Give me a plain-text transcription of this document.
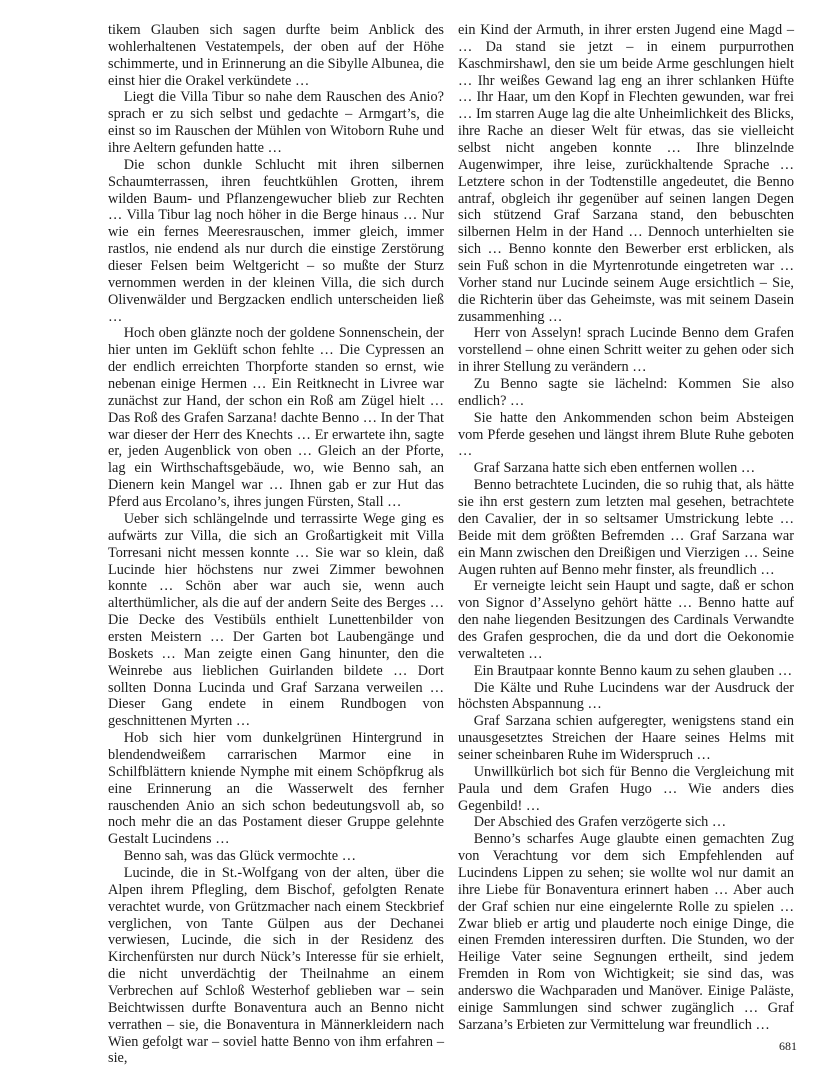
tikem Glauben sich sagen durfte beim Anblick des wohlerhaltenen Vestatempels, der oben auf der Höhe schimmerte, und in Erinnerung an die Sibylle Albunea, die einst hier die Orakel verkündete …

Liegt die Villa Tibur so nahe dem Rauschen des Anio? sprach er zu sich selbst und gedachte – Armgart’s, die einst so im Rauschen der Mühlen von Witoborn Ruhe und ihre Aeltern gefunden hatte …

Die schon dunkle Schlucht mit ihren silbernen Schaumterrassen, ihren feuchtkühlen Grotten, ihrem wilden Baum- und Pflanzengewucher blieb zur Rechten … Villa Tibur lag noch höher in die Berge hinaus … Nur wie ein fernes Meeresrauschen, immer gleich, immer rastlos, nie endend als nur durch die einstige Zerstörung dieser Felsen beim Weltgericht – so mußte der Sturz vernommen werden in der kleinen Villa, die sich durch Olivenwälder und Bergzacken endlich unterscheiden ließ …

Hoch oben glänzte noch der goldene Sonnenschein, der hier unten im Geklüft schon fehlte … Die Cypressen an der endlich erreichten Thorpforte standen so ernst, wie nebenan einige Hermen … Ein Reitknecht in Livree war zunächst zur Hand, der schon ein Roß am Zügel hielt … Das Roß des Grafen Sarzana! dachte Benno … In der That war dieser der Herr des Knechts … Er erwartete ihn, sagte er, jeden Augenblick von oben … Gleich an der Pforte, lag ein Wirthschaftsgebäude, wo, wie Benno sah, an Dienern kein Mangel war … Ihnen gab er zur Hut das Pferd aus Ercolano’s, ihres jungen Fürsten, Stall …

Ueber sich schlängelnde und terrassirte Wege ging es aufwärts zur Villa, die sich an Großartigkeit mit Villa Torresani nicht messen konnte … Sie war so klein, daß Lucinde hier höchstens nur zwei Zimmer bewohnen konnte … Schön aber war auch sie, wenn auch alterthümlicher, als die auf der andern Seite des Berges … Die Decke des Vestibüls enthielt Lunettenbilder von ersten Meistern … Der Garten bot Laubengänge und Boskets … Man zeigte einen Gang hinunter, den die Weinrebe aus lieblichen Guirlanden bildete … Dort sollten Donna Lucinda und Graf Sarzana verweilen … Dieser Gang endete in einem Rundbogen von geschnittenen Myrten …

Hob sich hier vom dunkelgrünen Hintergrund in blendendweißem carrarischen Marmor eine in Schilfblättern kniende Nymphe mit einem Schöpfkrug als eine Erinnerung an die Wasserwelt des fernher rauschenden Anio an sich schon bedeutungsvoll ab, so noch mehr die an das Postament dieser Gruppe gelehnte Gestalt Lucindens …

Benno sah, was das Glück vermochte …

Lucinde, die in St.-Wolfgang von der alten, über die Alpen ihrem Pflegling, dem Bischof, gefolgten Renate verachtet wurde, von Grützmacher nach einem Steckbrief verglichen, von Tante Gülpen aus der Dechanei verwiesen, Lucinde, die sich in der Residenz des Kirchenfürsten nur durch Nück’s Interesse für sie erhielt, die nicht unverdächtig der Theilnahme an einem Verbrechen auf Schloß Westerhof geblieben war – sein Beichtwissen durfte Bonaventura auch an Benno nicht verrathen – sie, die Bonaventura in Männerkleidern nach Wien gefolgt war – soviel hatte Benno von ihm erfahren – sie,

ein Kind der Armuth, in ihrer ersten Jugend eine Magd – … Da stand sie jetzt – in einem purpurrothen Kaschmirshawl, den sie um beide Arme geschlungen hielt … Ihr weißes Gewand lag eng an ihrer schlanken Hüfte … Ihr Haar, um den Kopf in Flechten gewunden, war frei … Im starren Auge lag die alte Unheimlichkeit des Blicks, ihre Rache an dieser Welt für etwas, das sie vielleicht selbst nicht angeben konnte … Ihre blinzelnde Augenwimper, ihre leise, zurückhaltende Sprache … Letztere schon in der Todtenstille angedeutet, die Benno antraf, obgleich ihr gegenüber auf seinen langen Degen sich stützend Graf Sarzana stand, den bebuschten silbernen Helm in der Hand … Dennoch unterhielten sie sich … Benno konnte den Bewerber erst erblicken, als sein Fuß schon in die Myrtenrotunde eingetreten war … Vorher stand nur Lucinde seinem Auge ersichtlich – Sie, die Richterin über das Geheimste, was mit seinem Dasein zusammenhing …

Herr von Asselyn! sprach Lucinde Benno dem Grafen vorstellend – ohne einen Schritt weiter zu gehen oder sich in ihrer Stellung zu verändern …

Zu Benno sagte sie lächelnd: Kommen Sie also endlich? …

Sie hatte den Ankommenden schon beim Absteigen vom Pferde gesehen und längst ihrem Blute Ruhe geboten …

Graf Sarzana hatte sich eben entfernen wollen …

Benno betrachtete Lucinden, die so ruhig that, als hätte sie ihn erst gestern zum letzten mal gesehen, betrachtete den Cavalier, der in so seltsamer Umstrickung lebte … Beide mit dem größten Befremden … Graf Sarzana war ein Mann zwischen den Dreißigen und Vierzigen … Seine Augen ruhten auf Benno mehr finster, als freundlich …

Er verneigte leicht sein Haupt und sagte, daß er schon von Signor d’Asselyno gehört hätte … Benno hatte auf den nahe liegenden Besitzungen des Cardinals Verwandte des Grafen gesprochen, die da und dort die Oekonomie verwalteten …

Ein Brautpaar konnte Benno kaum zu sehen glauben …

Die Kälte und Ruhe Lucindens war der Ausdruck der höchsten Abspannung …

Graf Sarzana schien aufgeregter, wenigstens stand ein unausgesetztes Streichen der Haare seines Helms mit seiner scheinbaren Ruhe im Widerspruch …

Unwillkürlich bot sich für Benno die Vergleichung mit Paula und dem Grafen Hugo … Wie anders dies Gegenbild! …

Der Abschied des Grafen verzögerte sich …

Benno’s scharfes Auge glaubte einen gemachten Zug von Verachtung vor dem sich Empfehlenden auf Lucindens Lippen zu sehen; sie wollte wol nur damit an ihre Liebe für Bonaventura erinnert haben … Aber auch der Graf schien nur eine eingelernte Rolle zu spielen … Zwar blieb er artig und plauderte noch einige Dinge, die einen Fremden interessiren durften. Die Stunden, wo der Heilige Vater seine Segnungen ertheilt, sind jedem Fremden in Rom von Wichtigkeit; sie sind das, was anderswo die Wachparaden und Manöver. Einige Paläste, einige Sammlungen sind schwer zugänglich … Graf Sarzana’s Erbieten zur Vermittelung war freundlich …

681
